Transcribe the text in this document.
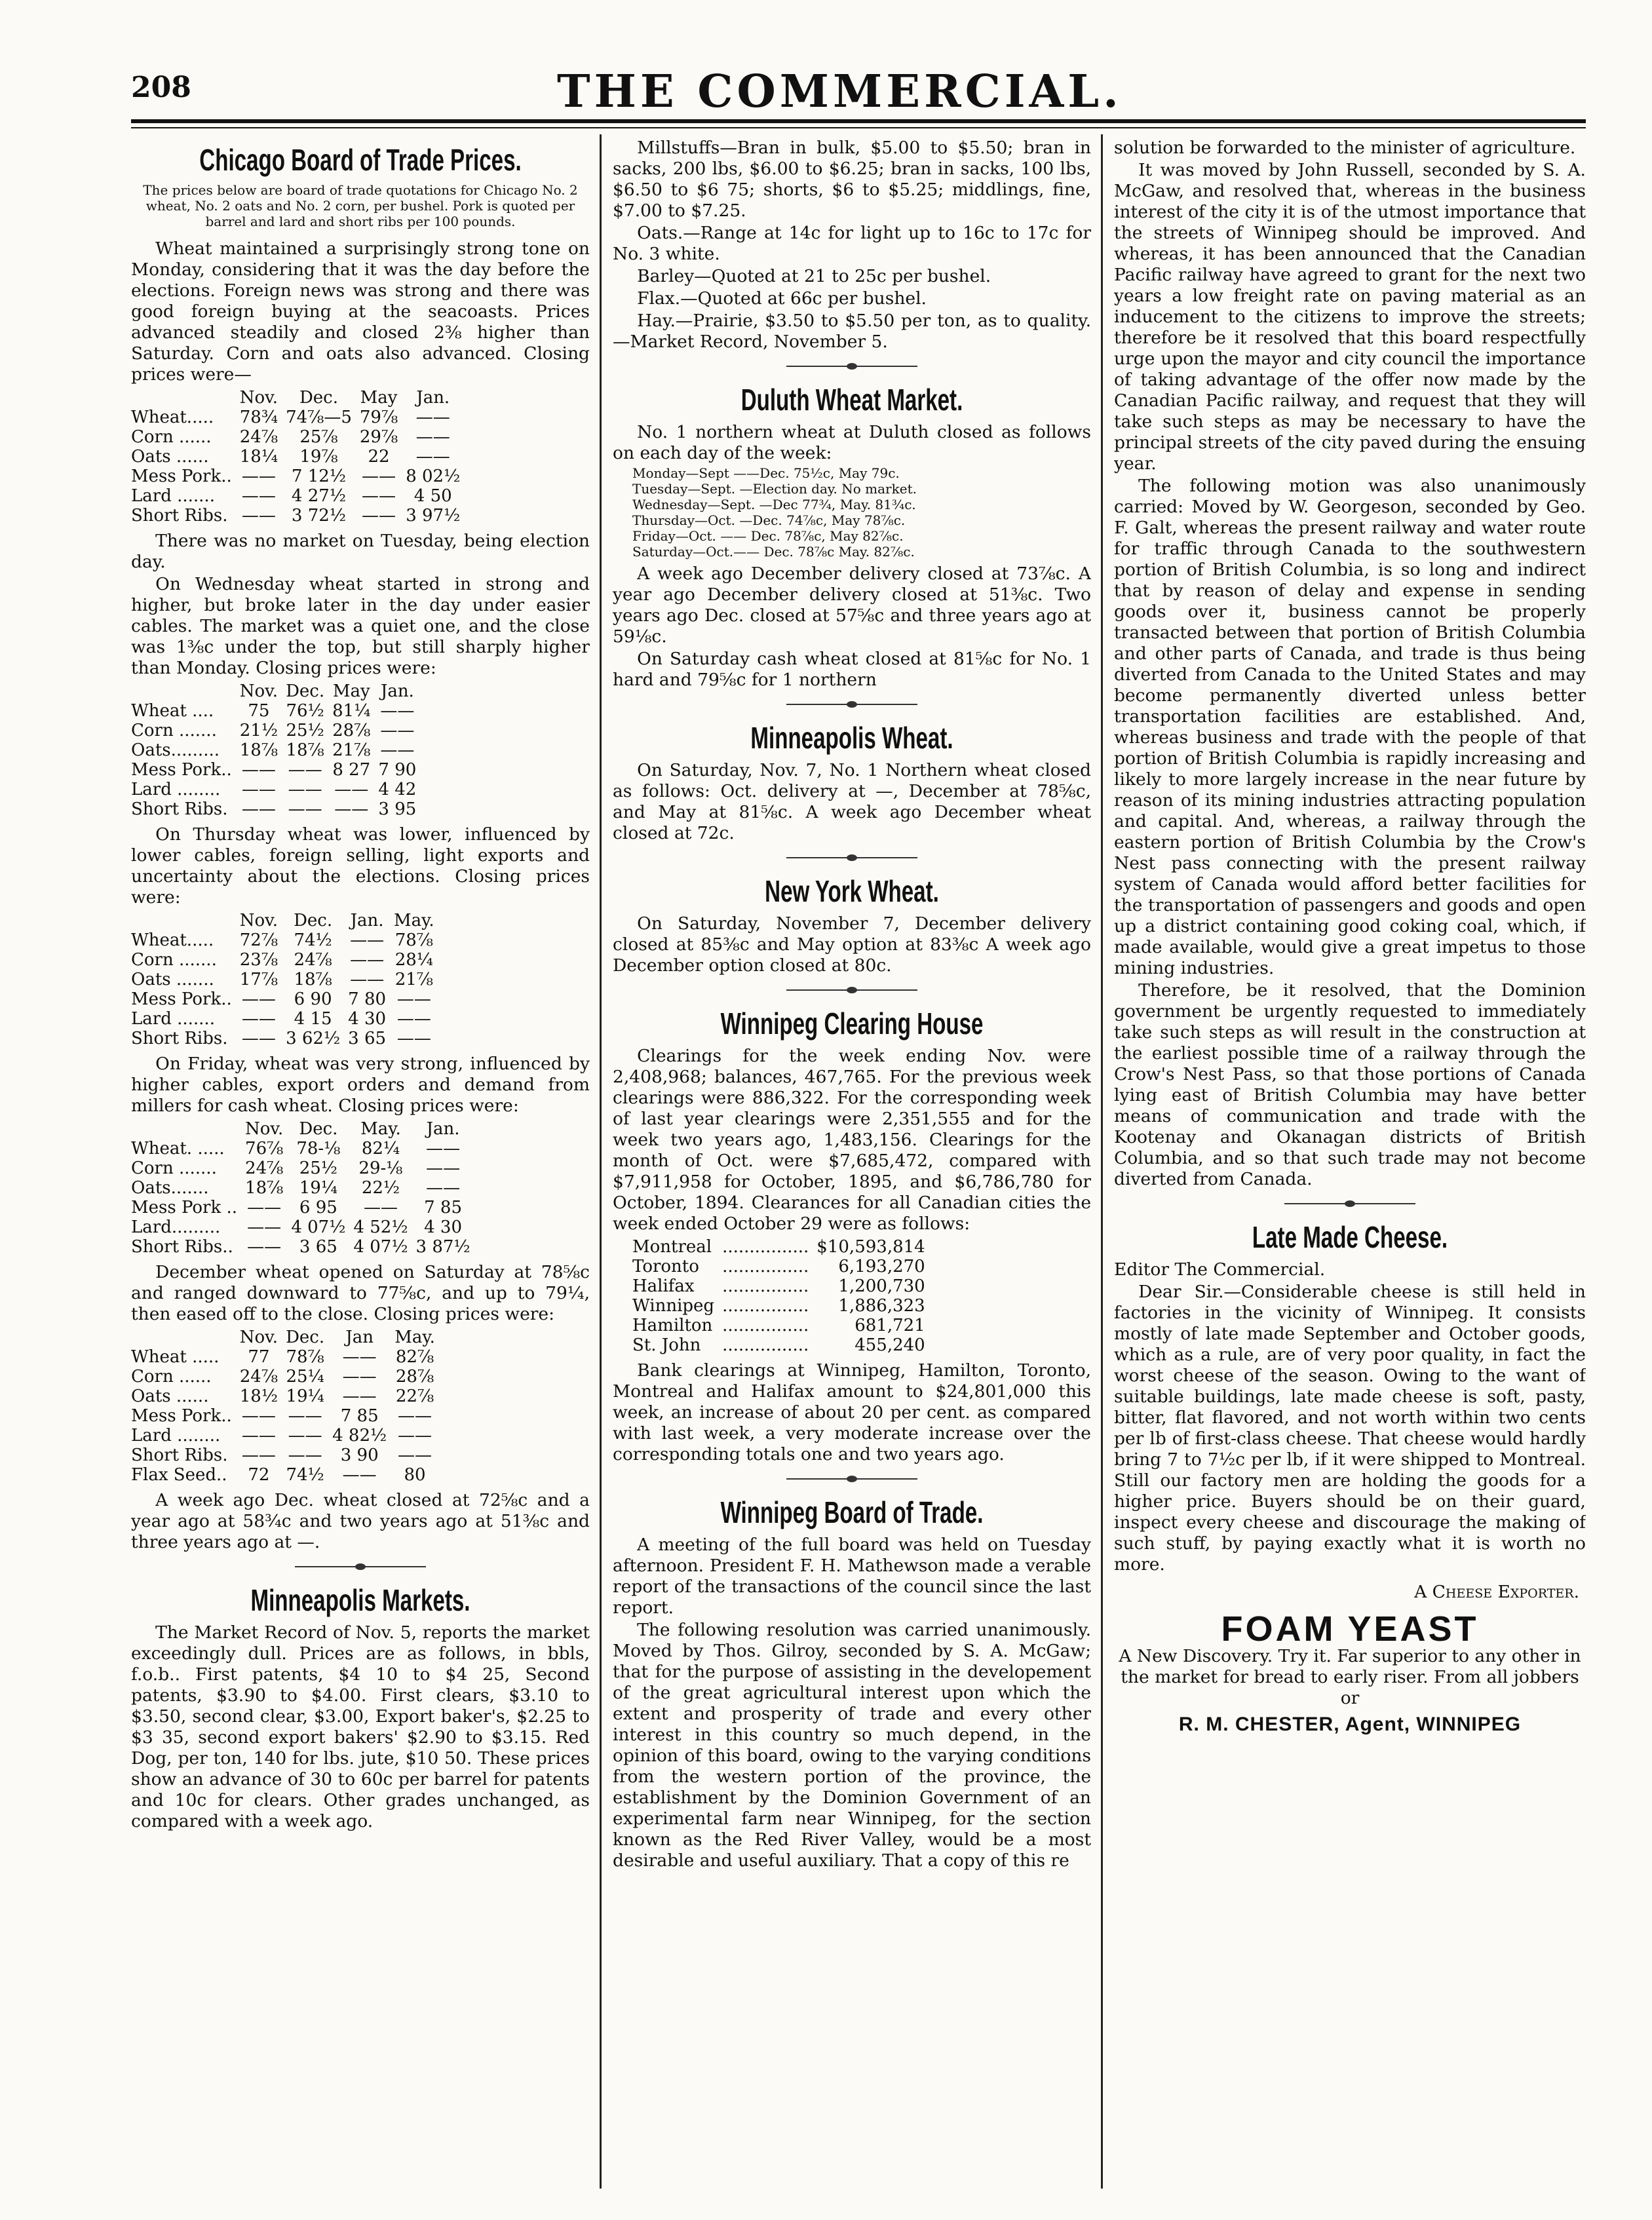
208	THE COMMERCIAL.
Chicago Board of Trade Prices.

The prices below are board of trade quotations for Chicago No. 2 wheat, No. 2 oats and No. 2 corn, per bushel. Pork is quoted per barrel and lard and short ribs per 100 pounds.

Wheat maintained a surprisingly strong tone on Monday, considering that it was the day before the elections. Foreign news was strong and there was good foreign buying at the seacoasts. Prices advanced steadily and closed 2⅜ higher than Saturday. Corn and oats also advanced. Closing prices were—

	Nov.	Dec.	May	Jan.
Wheat.....	78¾	74⅞—5	79⅞	——
Corn ......	24⅞	25⅞	29⅞	——
Oats ......	18¼	19⅞	22	——
Mess Pork..	——	7 12½	——	8 02½
Lard .......	——	4 27½	——	4 50
Short Ribs.	——	3 72½	——	3 97½

There was no market on Tuesday, being election day.

On Wednesday wheat started in strong and higher, but broke later in the day under easier cables. The market was a quiet one, and the close was 1⅜c under the top, but still sharply higher than Monday. Closing prices were:

	Nov.	Dec.	May	Jan.
Wheat ....	75	76½	81¼	——
Corn .......	21½	25½	28⅞	——
Oats.........	18⅞	18⅞	21⅞	——
Mess Pork..	——	——	8 27	7 90
Lard ........	——	——	——	4 42
Short Ribs.	——	——	——	3 95

On Thursday wheat was lower, influenced by lower cables, foreign selling, light exports and uncertainty about the elections. Closing prices were:

	Nov.	Dec.	Jan.	May.
Wheat.....	72⅞	74½	——	78⅞
Corn .......	23⅞	24⅞	——	28¼
Oats .......	17⅞	18⅞	——	21⅞
Mess Pork..	——	6 90	7 80	——
Lard .......	——	4 15	4 30	——
Short Ribs.	——	3 62½	3 65	——

On Friday, wheat was very strong, influenced by higher cables, export orders and demand from millers for cash wheat. Closing prices were:

	Nov.	Dec.	May.	Jan.
Wheat. .....	76⅞	78-⅛	82¼	——
Corn .......	24⅞	25½	29-⅛	——
Oats.......	18⅞	19¼	22½	——
Mess Pork ..	——	6 95	——	7 85
Lard.........	——	4 07½	4 52½	4 30
Short Ribs..	——	3 65	4 07½	3 87½

December wheat opened on Saturday at 78⅝c and ranged downward to 77⅝c, and up to 79¼, then eased off to the close. Closing prices were:

	Nov.	Dec.	Jan	May.
Wheat .....	77	78⅞	——	82⅞
Corn ......	24⅞	25¼	——	28⅞
Oats ......	18½	19¼	——	22⅞
Mess Pork..	——	——	7 85	——
Lard ........	——	——	4 82½	——
Short Ribs.	——	——	3 90	——
Flax Seed..	72	74½	——	80

A week ago Dec. wheat closed at 72⅝c and a year ago at 58¾c and two years ago at 51⅜c and three years ago at —.

Minneapolis Markets.

The Market Record of Nov. 5, reports the market exceedingly dull. Prices are as follows, in bbls, f.o.b.. First patents, $4 10 to $4 25, Second patents, $3.90 to $4.00. First clears, $3.10 to $3.50, second clear, $3.00, Export baker's, $2.25 to $3 35, second export bakers' $2.90 to $3.15. Red Dog, per ton, 140 for lbs. jute, $10 50. These prices show an advance of 30 to 60c per barrel for patents and 10c for clears. Other grades unchanged, as compared with a week ago.

Millstuffs—Bran in bulk, $5.00 to $5.50; bran in sacks, 200 lbs, $6.00 to $6.25; bran in sacks, 100 lbs, $6.50 to $6 75; shorts, $6 to $5.25; middlings, fine, $7.00 to $7.25.

Oats.—Range at 14c for light up to 16c to 17c for No. 3 white.

Barley—Quoted at 21 to 25c per bushel.

Flax.—Quoted at 66c per bushel.

Hay.—Prairie, $3.50 to $5.50 per ton, as to quality.—Market Record, November 5.

Duluth Wheat Market.

No. 1 northern wheat at Duluth closed as follows on each day of the week:

Monday—Sept ——Dec. 75½c, May 79c.
Tuesday—Sept. —Election day. No market.
Wednesday—Sept. —Dec 77¾, May. 81¾c.
Thursday—Oct. —Dec. 74⅞c, May 78⅞c.
Friday—Oct. —— Dec. 78⅞c, May 82⅞c.
Saturday—Oct.—— Dec. 78⅞c May. 82⅞c.

A week ago December delivery closed at 73⅞c. A year ago December delivery closed at 51⅜c. Two years ago Dec. closed at 57⅝c and three years ago at 59⅛c.

On Saturday cash wheat closed at 81⅝c for No. 1 hard and 79⅝c for 1 northern

Minneapolis Wheat.

On Saturday, Nov. 7, No. 1 Northern wheat closed as follows: Oct. delivery at —, December at 78⅝c, and May at 81⅝c. A week ago December wheat closed at 72c.

New York Wheat.

On Saturday, November 7, December delivery closed at 85⅜c and May option at 83⅜c A week ago December option closed at 80c.

Winnipeg Clearing House

Clearings for the week ending Nov. were 2,408,968; balances, 467,765. For the previous week clearings were 886,322. For the corresponding week of last year clearings were 2,351,555 and for the week two years ago, 1,483,156. Clearings for the month of Oct. were $7,685,472, compared with $7,911,958 for October, 1895, and $6,786,780 for October, 1894. Clearances for all Canadian cities the week ended October 29 were as follows:

Montreal	................	$10,593,814
Toronto	................	6,193,270
Halifax	................	1,200,730
Winnipeg	................	1,886,323
Hamilton	................	681,721
St. John	................	455,240

Bank clearings at Winnipeg, Hamilton, Toronto, Montreal and Halifax amount to $24,801,000 this week, an increase of about 20 per cent. as compared with last week, a very moderate increase over the corresponding totals one and two years ago.

Winnipeg Board of Trade.

A meeting of the full board was held on Tuesday afternoon. President F. H. Mathewson made a verable report of the transactions of the council since the last report.

The following resolution was carried unanimously. Moved by Thos. Gilroy, seconded by S. A. McGaw; that for the purpose of assisting in the developement of the great agricultural interest upon which the extent and prosperity of trade and every other interest in this country so much depend, in the opinion of this board, owing to the varying conditions from the western portion of the province, the establishment by the Dominion Government of an experimental farm near Winnipeg, for the section known as the Red River Valley, would be a most desirable and useful auxiliary. That a copy of this re

solution be forwarded to the minister of agriculture.

It was moved by John Russell, seconded by S. A. McGaw, and resolved that, whereas in the business interest of the city it is of the utmost importance that the streets of Winnipeg should be improved. And whereas, it has been announced that the Canadian Pacific railway have agreed to grant for the next two years a low freight rate on paving material as an inducement to the citizens to improve the streets; therefore be it resolved that this board respectfully urge upon the mayor and city council the importance of taking advantage of the offer now made by the Canadian Pacific railway, and request that they will take such steps as may be necessary to have the principal streets of the city paved during the ensuing year.

The following motion was also unanimously carried: Moved by W. Georgeson, seconded by Geo. F. Galt, whereas the present railway and water route for traffic through Canada to the southwestern portion of British Columbia, is so long and indirect that by reason of delay and expense in sending goods over it, business cannot be properly transacted between that portion of British Columbia and other parts of Canada, and trade is thus being diverted from Canada to the United States and may become permanently diverted unless better transportation facilities are established. And, whereas business and trade with the people of that portion of British Columbia is rapidly increasing and likely to more largely increase in the near future by reason of its mining industries attracting population and capital. And, whereas, a railway through the eastern portion of British Columbia by the Crow's Nest pass connecting with the present railway system of Canada would afford better facilities for the transportation of passengers and goods and open up a district containing good coking coal, which, if made available, would give a great impetus to those mining industries.

Therefore, be it resolved, that the Dominion government be urgently requested to immediately take such steps as will result in the construction at the earliest possible time of a railway through the Crow's Nest Pass, so that those portions of Canada lying east of British Columbia may have better means of communication and trade with the Kootenay and Okanagan districts of British Columbia, and so that such trade may not become diverted from Canada.

Late Made Cheese.

Editor The Commercial.

Dear Sir.—Considerable cheese is still held in factories in the vicinity of Winnipeg. It consists mostly of late made September and October goods, which as a rule, are of very poor quality, in fact the worst cheese of the season. Owing to the want of suitable buildings, late made cheese is soft, pasty, bitter, flat flavored, and not worth within two cents per lb of first-class cheese. That cheese would hardly bring 7 to 7½c per lb, if it were shipped to Montreal. Still our factory men are holding the goods for a higher price. Buyers should be on their guard, inspect every cheese and discourage the making of such stuff, by paying exactly what it is worth no more.

A Cheese Exporter.

FOAM YEAST

A New Discovery. Try it. Far superior to any other in the market for bread to early riser. From all jobbers or

R. M. CHESTER, Agent, WINNIPEG
